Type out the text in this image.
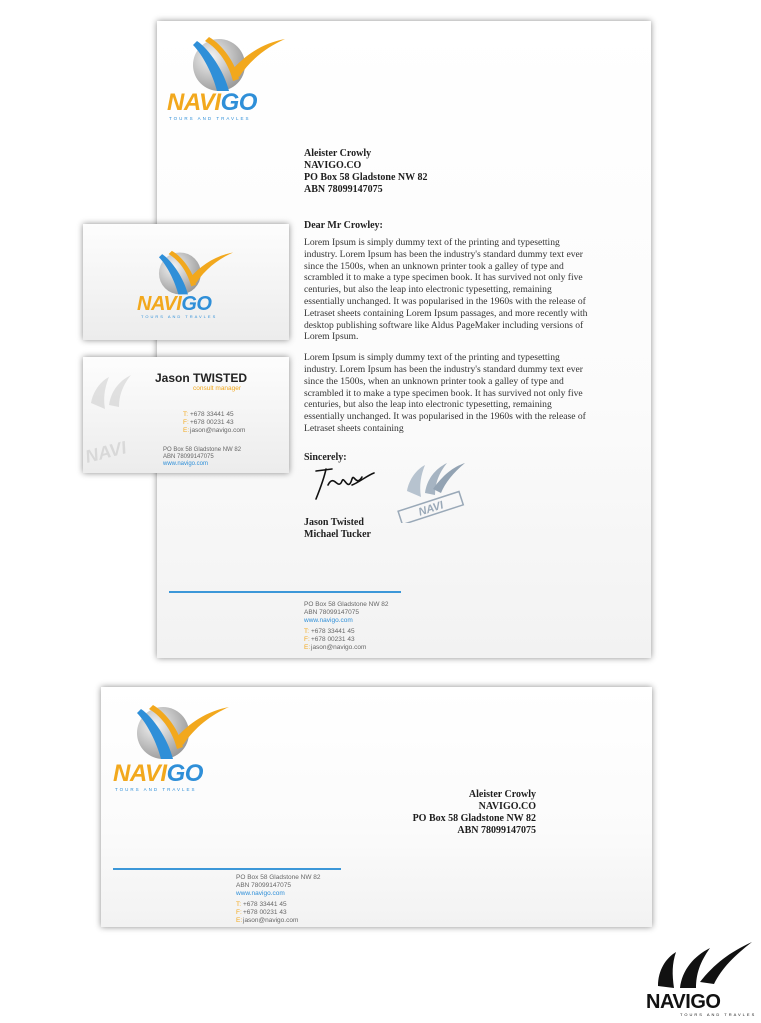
NAVIGO
TOURS AND TRAVLES
Aleister Crowly
NAVIGO.CO
PO Box 58 Gladstone NW 82
ABN 78099147075
Dear Mr Crowley:

Lorem Ipsum is simply dummy text of the printing and typesetting industry. Lorem Ipsum has been the industry's standard dummy text ever since the 1500s, when an unknown printer took a galley of type and scrambled it to make a type specimen book. It has survived not only five centuries, but also the leap into electronic typesetting, remaining essentially unchanged. It was popularised in the 1960s with the release of Letraset sheets containing Lorem Ipsum passages, and more recently with desktop publishing software like Aldus PageMaker including versions of Lorem Ipsum.

Lorem Ipsum is simply dummy text of the printing and typesetting industry. Lorem Ipsum has been the industry's standard dummy text ever since the 1500s, when an unknown printer took a galley of type and scrambled it to make a type specimen book. It has survived not only five centuries, but also the leap into electronic typesetting, remaining essentially unchanged. It was popularised in the 1960s with the release of Letraset sheets containing

Sincerely:
NAVI
Jason Twisted
Michael Tucker
PO Box 58 Gladstone NW 82
ABN 78099147075
www.navigo.com
T: +678 33441 45
F:+678 00231 43
E:jason@navigo.com
NAVIGO
TOURS AND TRAVLES
NAVI
Jason TWISTED
consult manager
T: +678 33441 45
F:+678 00231 43
E:jason@navigo.com
PO Box 58 Gladstone NW 82
ABN 78099147075
www.navigo.com
NAVIGO
TOURS AND TRAVLES	Aleister Crowly
NAVIGO.CO
PO Box 58 Gladstone NW 82
ABN 78099147075
PO Box 58 Gladstone NW 82
ABN 78099147075
www.navigo.com
T: +678 33441 45
F:+678 00231 43
E:jason@navigo.com
NAVIGO
TOURS AND TRAVLES
